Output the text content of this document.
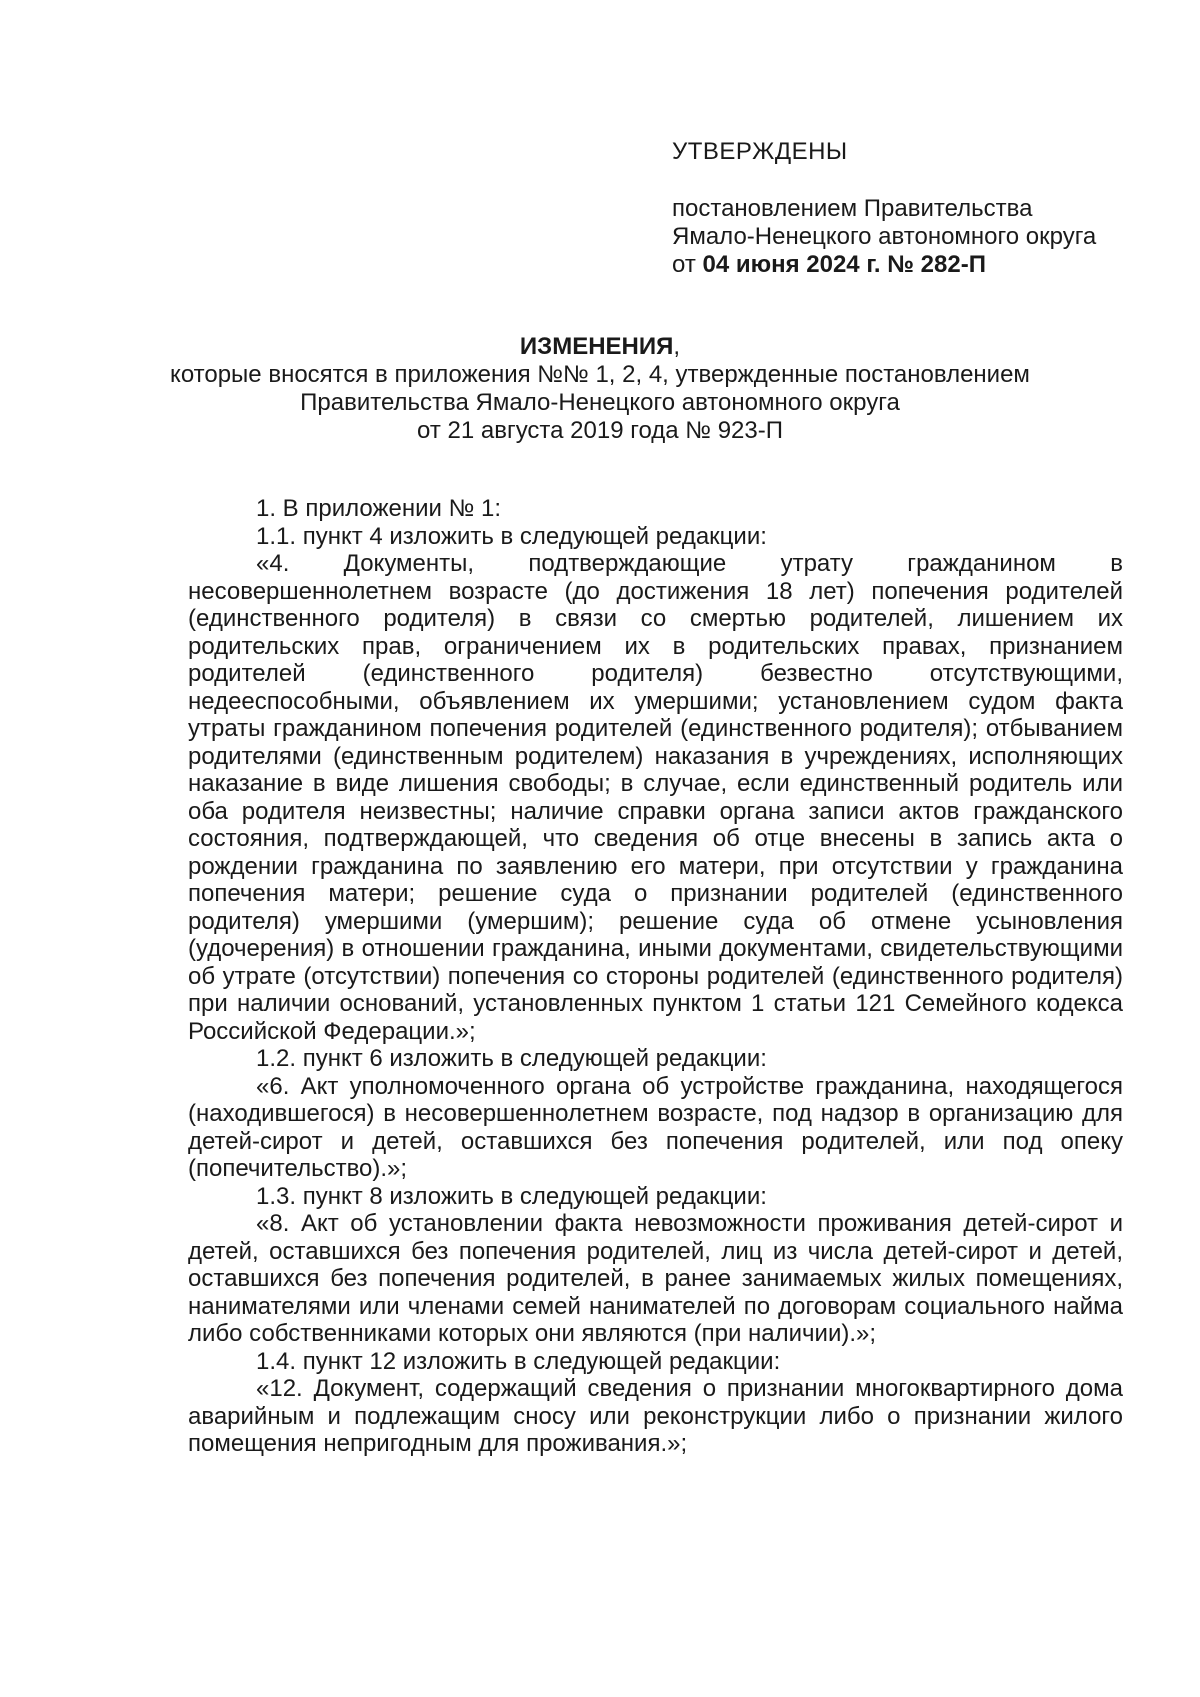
УТВЕРЖДЕНЫ
постановлением Правительства
Ямало-Ненецкого автономного округа
от 04 июня 2024 г. № 282-П
ИЗМЕНЕНИЯ,
которые вносятся в приложения №№ 1, 2, 4, утвержденные постановлением
Правительства Ямало-Ненецкого автономного округа
от 21 августа 2019 года № 923-П

1. В приложении № 1:

1.1. пункт 4 изложить в следующей редакции:

«4. Документы, подтверждающие утрату гражданином в несовершеннолетнем возрасте (до достижения 18 лет) попечения родителей (единственного родителя) в связи со смертью родителей, лишением их родительских прав, ограничением их в родительских правах, признанием родителей (единственного родителя) безвестно отсутствующими, недееспособными, объявлением их умершими; установлением судом факта утраты гражданином попечения родителей (единственного родителя); отбыванием родителями (единственным родителем) наказания в учреждениях, исполняющих наказание в виде лишения свободы; в случае, если единственный родитель или оба родителя неизвестны; наличие справки органа записи актов гражданского состояния, подтверждающей, что сведения об отце внесены в запись акта о рождении гражданина по заявлению его матери, при отсутствии у гражданина попечения матери; решение суда о признании родителей (единственного родителя) умершими (умершим); решение суда об отмене усыновления (удочерения) в отношении гражданина, иными документами, свидетельствующими об утрате (отсутствии) попечения со стороны родителей (единственного родителя) при наличии оснований, установленных пунктом 1 статьи 121 Семейного кодекса Российской Федерации.»;

1.2. пункт 6 изложить в следующей редакции:

«6. Акт уполномоченного органа об устройстве гражданина, находящегося (находившегося) в несовершеннолетнем возрасте, под надзор в организацию для детей-сирот и детей, оставшихся без попечения родителей, или под опеку (попечительство).»;

1.3. пункт 8 изложить в следующей редакции:

«8. Акт об установлении факта невозможности проживания детей-сирот и детей, оставшихся без попечения родителей, лиц из числа детей-сирот и детей, оставшихся без попечения родителей, в ранее занимаемых жилых помещениях, нанимателями или членами семей нанимателей по договорам социального найма либо собственниками которых они являются (при наличии).»;

1.4. пункт 12 изложить в следующей редакции:

«12. Документ, содержащий сведения о признании многоквартирного дома аварийным и подлежащим сносу или реконструкции либо о признании жилого помещения непригодным для проживания.»;
